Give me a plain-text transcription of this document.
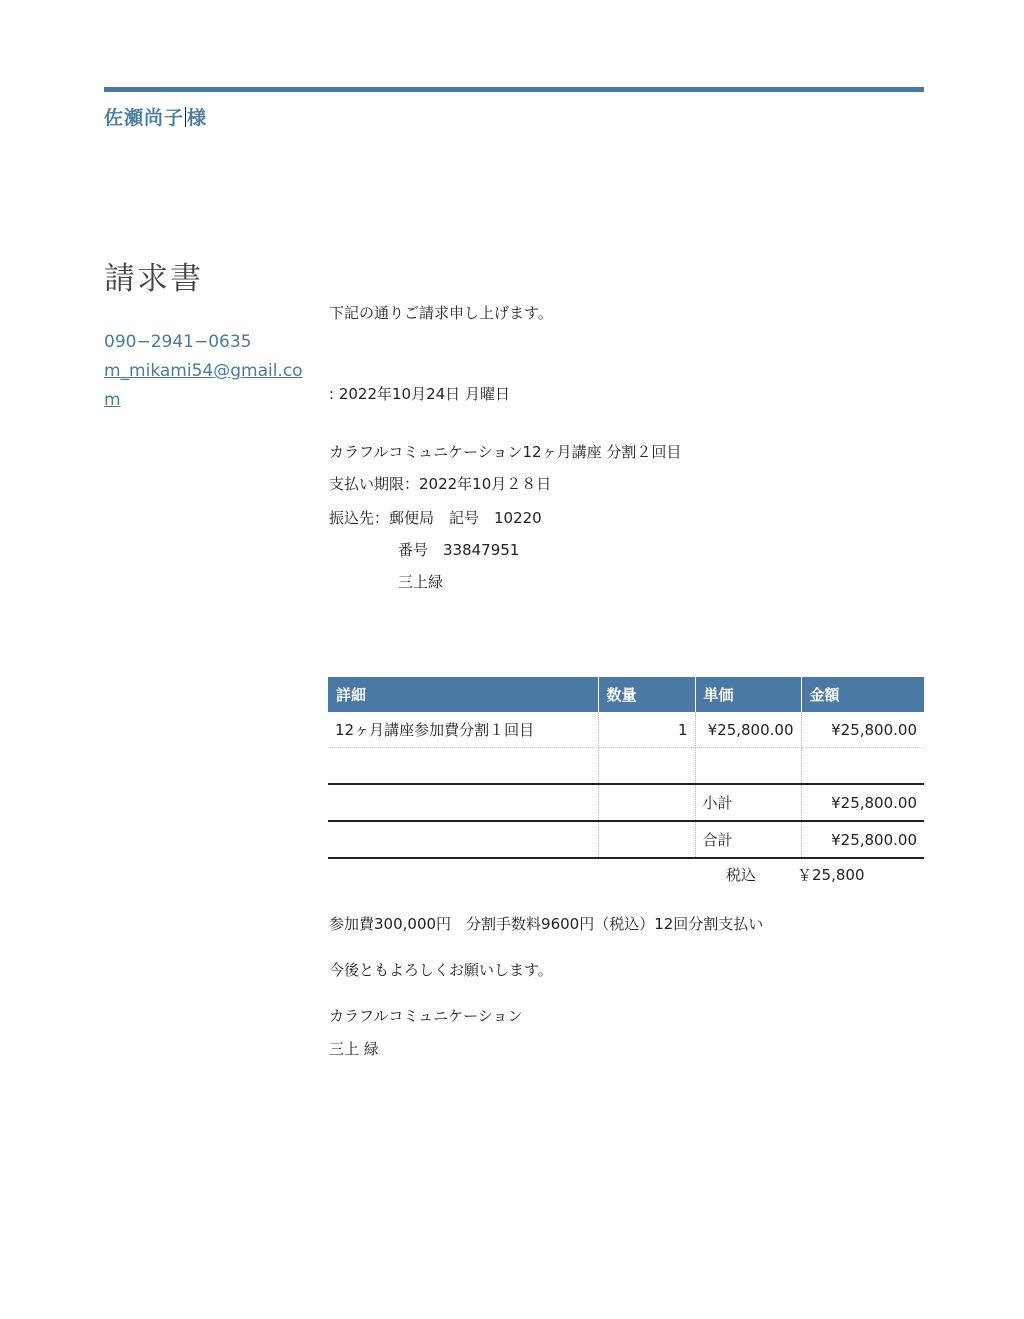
佐瀬尚子 様
請求書
090−2941−0635
m_mikami54@gmail.com
下記の通りご請求申し上げます。
: 2022年10月24日 月曜日
カラフルコミュニケーション12ヶ月講座 分割２回目
支払い期限：2022年10月２８日
振込先：郵便局　記号　10220
番号　33847951
三上緑
詳細	数量	単価	金額
12ヶ月講座参加費分割１回目	1	¥25,800.00	¥25,800.00

		小計	¥25,800.00
		合計	¥25,800.00
税込	￥25,800
参加費300,000円　分割手数料9600円（税込）12回分割支払い
今後ともよろしくお願いします。
カラフルコミュニケーション
三上 緑
